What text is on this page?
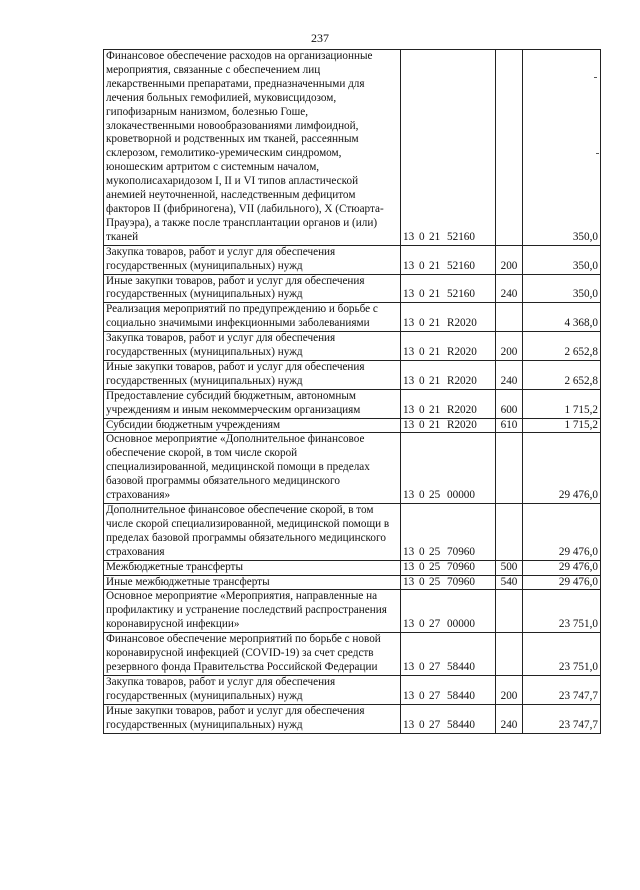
237
Финансовое обеспечение расходов на организационные мероприятия, связанные с обеспечением лиц лекарственными препаратами, предназначенными для лечения больных гемофилией, муковисцидозом, гипофизарным нанизмом, болезнью Гоше, злокачественными новообразованиями лимфоидной, кроветворной и родственных им тканей, рассеянным склерозом, гемолитико-уремическим синдромом, юношеским артритом с системным началом, мукополисахаридозом I, II и VI типов апластической анемией неуточненной, наследственным дефицитом факторов II (фибриногена), VII (лабильного), X (Стюарта-Прауэра), а также после трансплантации органов и (или) тканей	13 0 21 52160		350,0
Закупка товаров, работ и услуг для обеспечения государственных (муниципальных) нужд	13 0 21 52160	200	350,0
Иные закупки товаров, работ и услуг для обеспечения государственных (муниципальных) нужд	13 0 21 52160	240	350,0
Реализация мероприятий по предупреждению и борьбе с социально значимыми инфекционными заболеваниями	13 0 21 R2020		4 368,0
Закупка товаров, работ и услуг для обеспечения государственных (муниципальных) нужд	13 0 21 R2020	200	2 652,8
Иные закупки товаров, работ и услуг для обеспечения государственных (муниципальных) нужд	13 0 21 R2020	240	2 652,8
Предоставление субсидий бюджетным, автономным учреждениям и иным некоммерческим организациям	13 0 21 R2020	600	1 715,2
Субсидии бюджетным учреждениям	13 0 21 R2020	610	1 715,2
Основное мероприятие «Дополнительное финансовое обеспечение скорой, в том числе скорой специализированной, медицинской помощи в пределах базовой программы обязательного медицинского страхования»	13 0 25 00000		29 476,0
Дополнительное финансовое обеспечение скорой, в том числе скорой специализированной, медицинской помощи в пределах базовой программы обязательного медицинского страхования	13 0 25 70960		29 476,0
Межбюджетные трансферты	13 0 25 70960	500	29 476,0
Иные межбюджетные трансферты	13 0 25 70960	540	29 476,0
Основное мероприятие «Мероприятия, направленные на профилактику и устранение последствий распространения коронавирусной инфекции»	13 0 27 00000		23 751,0
Финансовое обеспечение мероприятий по борьбе с новой коронавирусной инфекцией (COVID-19) за счет средств резервного фонда Правительства Российской Федерации	13 0 27 58440		23 751,0
Закупка товаров, работ и услуг для обеспечения государственных (муниципальных) нужд	13 0 27 58440	200	23 747,7
Иные закупки товаров, работ и услуг для обеспечения государственных (муниципальных) нужд	13 0 27 58440	240	23 747,7
